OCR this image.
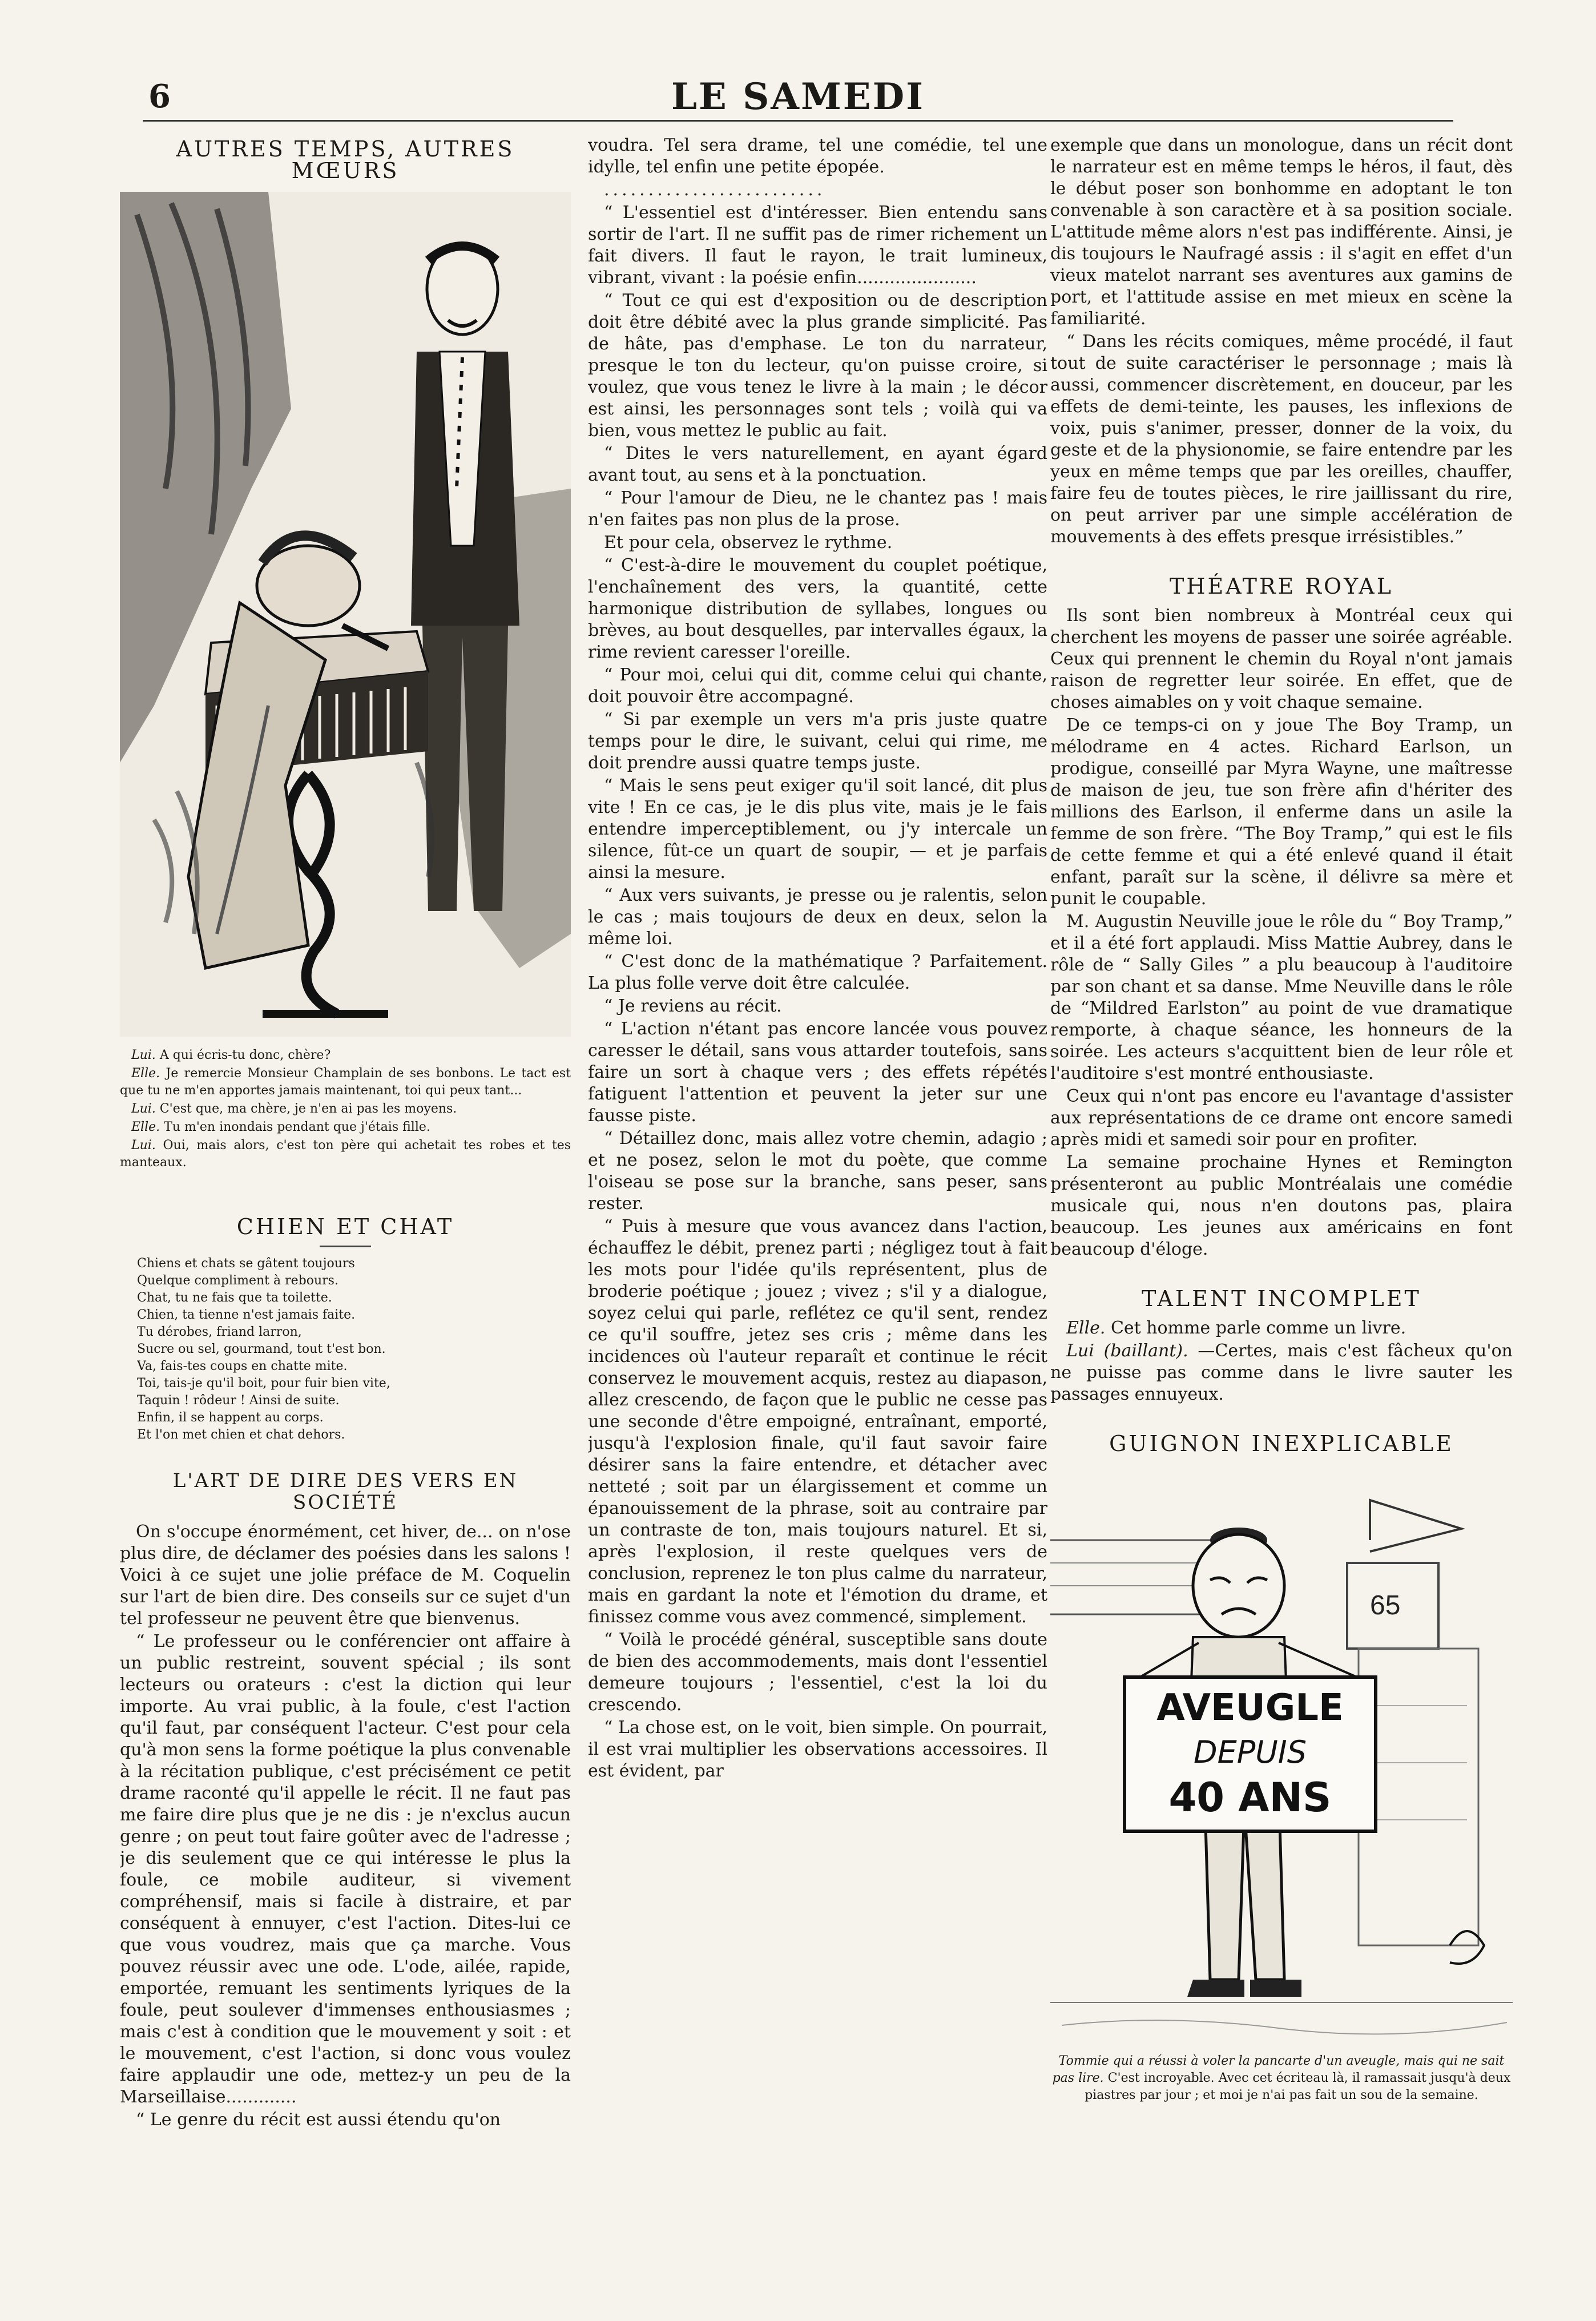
6	LE SAMEDI
AUTRES TEMPS, AUTRES MŒURS

Lui. A qui écris-tu donc, chère?

Elle. Je remercie Monsieur Champlain de ses bonbons. Le tact est que tu ne m'en apportes jamais maintenant, toi qui peux tant...

Lui. C'est que, ma chère, je n'en ai pas les moyens.

Elle. Tu m'en inondais pendant que j'étais fille.

Lui. Oui, mais alors, c'est ton père qui achetait tes robes et tes manteaux.

CHIEN ET CHAT
Chiens et chats se gâtent toujours
Quelque compliment à rebours.
Chat, tu ne fais que ta toilette.
Chien, ta tienne n'est jamais faite.
Tu dérobes, friand larron,
Sucre ou sel, gourmand, tout t'est bon.
Va, fais-tes coups en chatte mite.
Toi, tais-je qu'il boit, pour fuir bien vite,
Taquin ! rôdeur ! Ainsi de suite.
Enfin, il se happent au corps.
Et l'on met chien et chat dehors.
L'ART DE DIRE DES VERS EN SOCIÉTÉ

On s'occupe énormément, cet hiver, de... on n'ose plus dire, de déclamer des poésies dans les salons ! Voici à ce sujet une jolie préface de M. Coquelin sur l'art de bien dire. Des conseils sur ce sujet d'un tel professeur ne peuvent être que bienvenus.

“ Le professeur ou le conférencier ont affaire à un public restreint, souvent spécial ; ils sont lecteurs ou orateurs : c'est la diction qui leur importe. Au vrai public, à la foule, c'est l'action qu'il faut, par conséquent l'acteur. C'est pour cela qu'à mon sens la forme poétique la plus convenable à la récitation publique, c'est précisément ce petit drame raconté qu'il appelle le récit. Il ne faut pas me faire dire plus que je ne dis : je n'exclus aucun genre ; on peut tout faire goûter avec de l'adresse ; je dis seulement que ce qui intéresse le plus la foule, ce mobile auditeur, si vivement compréhensif, mais si facile à distraire, et par conséquent à ennuyer, c'est l'action. Dites-lui ce que vous voudrez, mais que ça marche. Vous pouvez réussir avec une ode. L'ode, ailée, rapide, emportée, remuant les sentiments lyriques de la foule, peut soulever d'immenses enthousiasmes ; mais c'est à condition que le mouvement y soit : et le mouvement, c'est l'action, si donc vous voulez faire applaudir une ode, mettez-y un peu de la Marseillaise.............

“ Le genre du récit est aussi étendu qu'on

voudra. Tel sera drame, tel une comédie, tel une idylle, tel enfin une petite épopée.

.........................

“ L'essentiel est d'intéresser. Bien entendu sans sortir de l'art. Il ne suffit pas de rimer richement un fait divers. Il faut le rayon, le trait lumineux, vibrant, vivant : la poésie enfin......................

“ Tout ce qui est d'exposition ou de description doit être débité avec la plus grande simplicité. Pas de hâte, pas d'emphase. Le ton du narrateur, presque le ton du lecteur, qu'on puisse croire, si voulez, que vous tenez le livre à la main ; le décor est ainsi, les personnages sont tels ; voilà qui va bien, vous mettez le public au fait.

“ Dites le vers naturellement, en ayant égard avant tout, au sens et à la ponctuation.

“ Pour l'amour de Dieu, ne le chantez pas ! mais n'en faites pas non plus de la prose.

Et pour cela, observez le rythme.

“ C'est-à-dire le mouvement du couplet poétique, l'enchaînement des vers, la quantité, cette harmonique distribution de syllabes, longues ou brèves, au bout desquelles, par intervalles égaux, la rime revient caresser l'oreille.

“ Pour moi, celui qui dit, comme celui qui chante, doit pouvoir être accompagné.

“ Si par exemple un vers m'a pris juste quatre temps pour le dire, le suivant, celui qui rime, me doit prendre aussi quatre temps juste.

“ Mais le sens peut exiger qu'il soit lancé, dit plus vite ! En ce cas, je le dis plus vite, mais je le fais entendre imperceptiblement, ou j'y intercale un silence, fût-ce un quart de soupir, — et je parfais ainsi la mesure.

“ Aux vers suivants, je presse ou je ralentis, selon le cas ; mais toujours de deux en deux, selon la même loi.

“ C'est donc de la mathématique ? Parfaitement. La plus folle verve doit être calculée.

“ Je reviens au récit.

“ L'action n'étant pas encore lancée vous pouvez caresser le détail, sans vous attarder toutefois, sans faire un sort à chaque vers ; des effets répétés fatiguent l'attention et peuvent la jeter sur une fausse piste.

“ Détaillez donc, mais allez votre chemin, adagio ; et ne posez, selon le mot du poète, que comme l'oiseau se pose sur la branche, sans peser, sans rester.

“ Puis à mesure que vous avancez dans l'action, échauffez le débit, prenez parti ; négligez tout à fait les mots pour l'idée qu'ils représentent, plus de broderie poétique ; jouez ; vivez ; s'il y a dialogue, soyez celui qui parle, reflétez ce qu'il sent, rendez ce qu'il souffre, jetez ses cris ; même dans les incidences où l'auteur reparaît et continue le récit conservez le mouvement acquis, restez au diapason, allez crescendo, de façon que le public ne cesse pas une seconde d'être empoigné, entraînant, emporté, jusqu'à l'explosion finale, qu'il faut savoir faire désirer sans la faire entendre, et détacher avec netteté ; soit par un élargissement et comme un épanouissement de la phrase, soit au contraire par un contraste de ton, mais toujours naturel. Et si, après l'explosion, il reste quelques vers de conclusion, reprenez le ton plus calme du narrateur, mais en gardant la note et l'émotion du drame, et finissez comme vous avez commencé, simplement.

“ Voilà le procédé général, susceptible sans doute de bien des accommodements, mais dont l'essentiel demeure toujours ; l'essentiel, c'est la loi du crescendo.

“ La chose est, on le voit, bien simple. On pourrait, il est vrai multiplier les observations accessoires. Il est évident, par

exemple que dans un monologue, dans un récit dont le narrateur est en même temps le héros, il faut, dès le début poser son bonhomme en adoptant le ton convenable à son caractère et à sa position sociale. L'attitude même alors n'est pas indifférente. Ainsi, je dis toujours le Naufragé assis : il s'agit en effet d'un vieux matelot narrant ses aventures aux gamins de port, et l'attitude assise en met mieux en scène la familiarité.

“ Dans les récits comiques, même procédé, il faut tout de suite caractériser le personnage ; mais là aussi, commencer discrètement, en douceur, par les effets de demi-teinte, les pauses, les inflexions de voix, puis s'animer, presser, donner de la voix, du geste et de la physionomie, se faire entendre par les yeux en même temps que par les oreilles, chauffer, faire feu de toutes pièces, le rire jaillissant du rire, on peut arriver par une simple accélération de mouvements à des effets presque irrésistibles.”

THÉATRE ROYAL

Ils sont bien nombreux à Montréal ceux qui cherchent les moyens de passer une soirée agréable. Ceux qui prennent le chemin du Royal n'ont jamais raison de regretter leur soirée. En effet, que de choses aimables on y voit chaque semaine.

De ce temps-ci on y joue The Boy Tramp, un mélodrame en 4 actes. Richard Earlson, un prodigue, conseillé par Myra Wayne, une maîtresse de maison de jeu, tue son frère afin d'hériter des millions des Earlson, il enferme dans un asile la femme de son frère. “The Boy Tramp,” qui est le fils de cette femme et qui a été enlevé quand il était enfant, paraît sur la scène, il délivre sa mère et punit le coupable.

M. Augustin Neuville joue le rôle du “ Boy Tramp,” et il a été fort applaudi. Miss Mattie Aubrey, dans le rôle de “ Sally Giles ” a plu beaucoup à l'auditoire par son chant et sa danse. Mme Neuville dans le rôle de “Mildred Earlston” au point de vue dramatique remporte, à chaque séance, les honneurs de la soirée. Les acteurs s'acquittent bien de leur rôle et l'auditoire s'est montré enthousiaste.

Ceux qui n'ont pas encore eu l'avantage d'assister aux représentations de ce drame ont encore samedi après midi et samedi soir pour en profiter.

La semaine prochaine Hynes et Remington présenteront au public Montréalais une comédie musicale qui, nous n'en doutons pas, plaira beaucoup. Les jeunes aux américains en font beaucoup d'éloge.

TALENT INCOMPLET

Elle. Cet homme parle comme un livre.

Lui (baillant). —Certes, mais c'est fâcheux qu'on ne puisse pas comme dans le livre sauter les passages ennuyeux.

GUIGNON INEXPLICABLE
65
AVEUGLE
DEPUIS
40 ANS
Tommie qui a réussi à voler la pancarte d'un aveugle, mais qui ne sait pas lire. C'est incroyable. Avec cet écriteau là, il ramassait jusqu'à deux piastres par jour ; et moi je n'ai pas fait un sou de la semaine.
